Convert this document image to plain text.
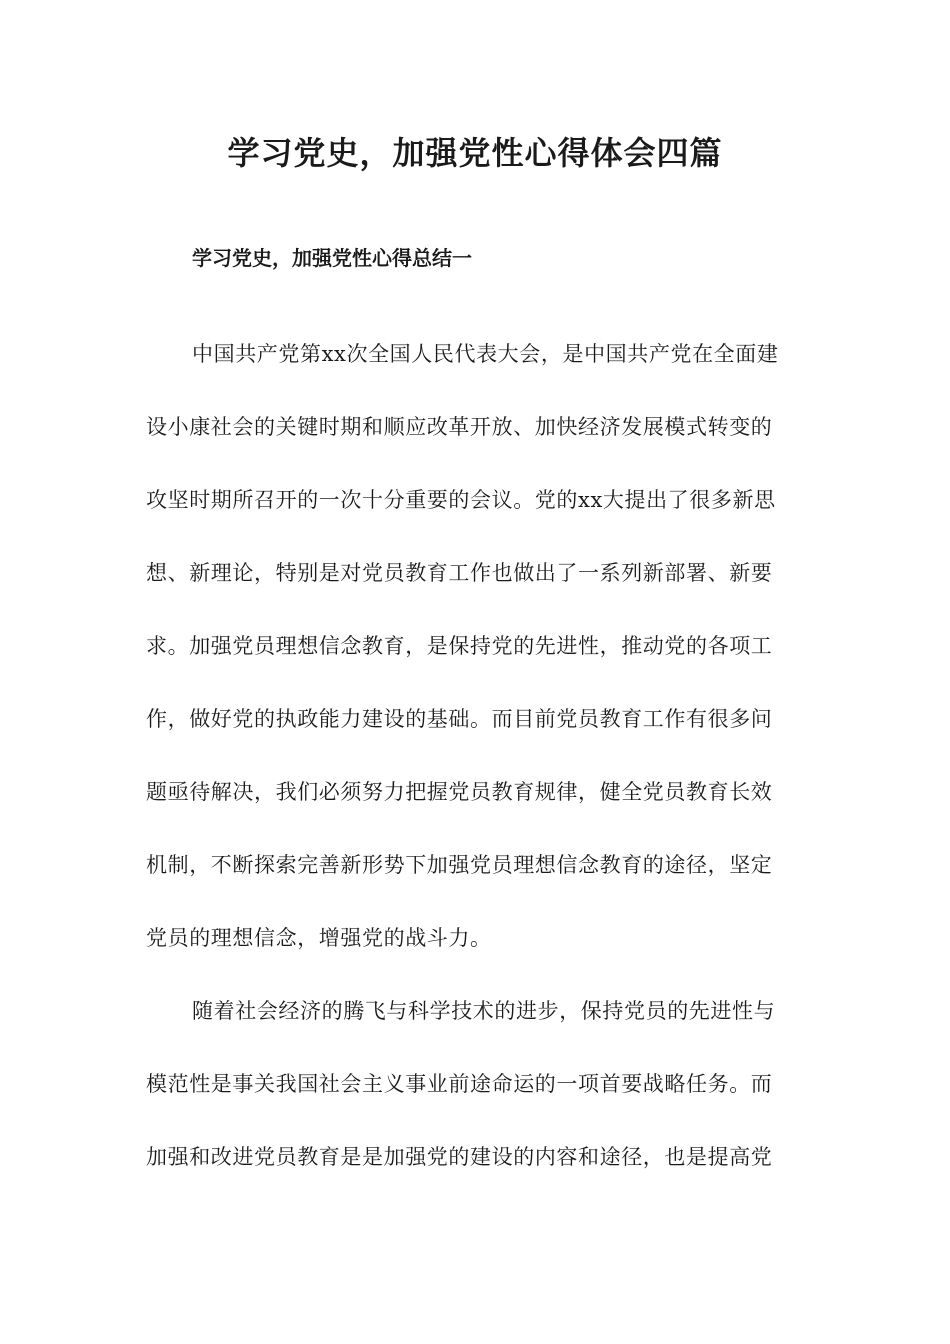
学习党史，加强党性心得体会四篇
学习党史，加强党性心得总结一

中国共产党第xx次全国人民代表大会，是中国共产党在全面建

设小康社会的关键时期和顺应改革开放、加快经济发展模式转变的

攻坚时期所召开的一次十分重要的会议。党的xx大提出了很多新思

想、新理论，特别是对党员教育工作也做出了一系列新部署、新要

求。加强党员理想信念教育，是保持党的先进性，推动党的各项工

作，做好党的执政能力建设的基础。而目前党员教育工作有很多问

题亟待解决，我们必须努力把握党员教育规律，健全党员教育长效

机制，不断探索完善新形势下加强党员理想信念教育的途径，坚定

党员的理想信念，增强党的战斗力。

随着社会经济的腾飞与科学技术的进步，保持党员的先进性与

模范性是事关我国社会主义事业前途命运的一项首要战略任务。而

加强和改进党员教育是是加强党的建设的内容和途径，也是提高党
